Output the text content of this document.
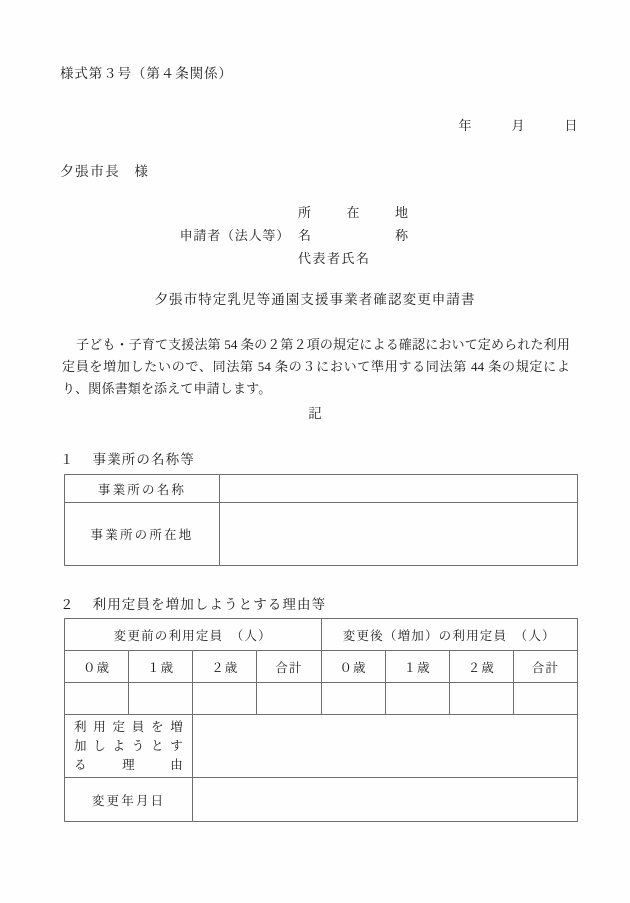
様式第３号（第４条関係）
年	月	日
夕張市長 様
所	在	地
申請者（法人等） 名	称
代表者氏名
夕張市特定乳児等通園支援事業者確認変更申請書
子ども・子育て支援法第 54 条の２第２項の規定による確認において定められた利用定員を増加したいので、同法第 54 条の３において準用する同法第 44 条の規定により、関係書類を添えて申請します。
記
１ 事業所の名称等
事業所の名称	
事業所の所在地	
２ 利用定員を増加しようとする理由等
変更前の利用定員　（人）				変更後（増加）の利用定員　（人）			
０歳	１歳	２歳	合計	０歳	１歳	２歳	合計

利用定員を増
加しようとす
る　　理　　由							

変更年月日							
